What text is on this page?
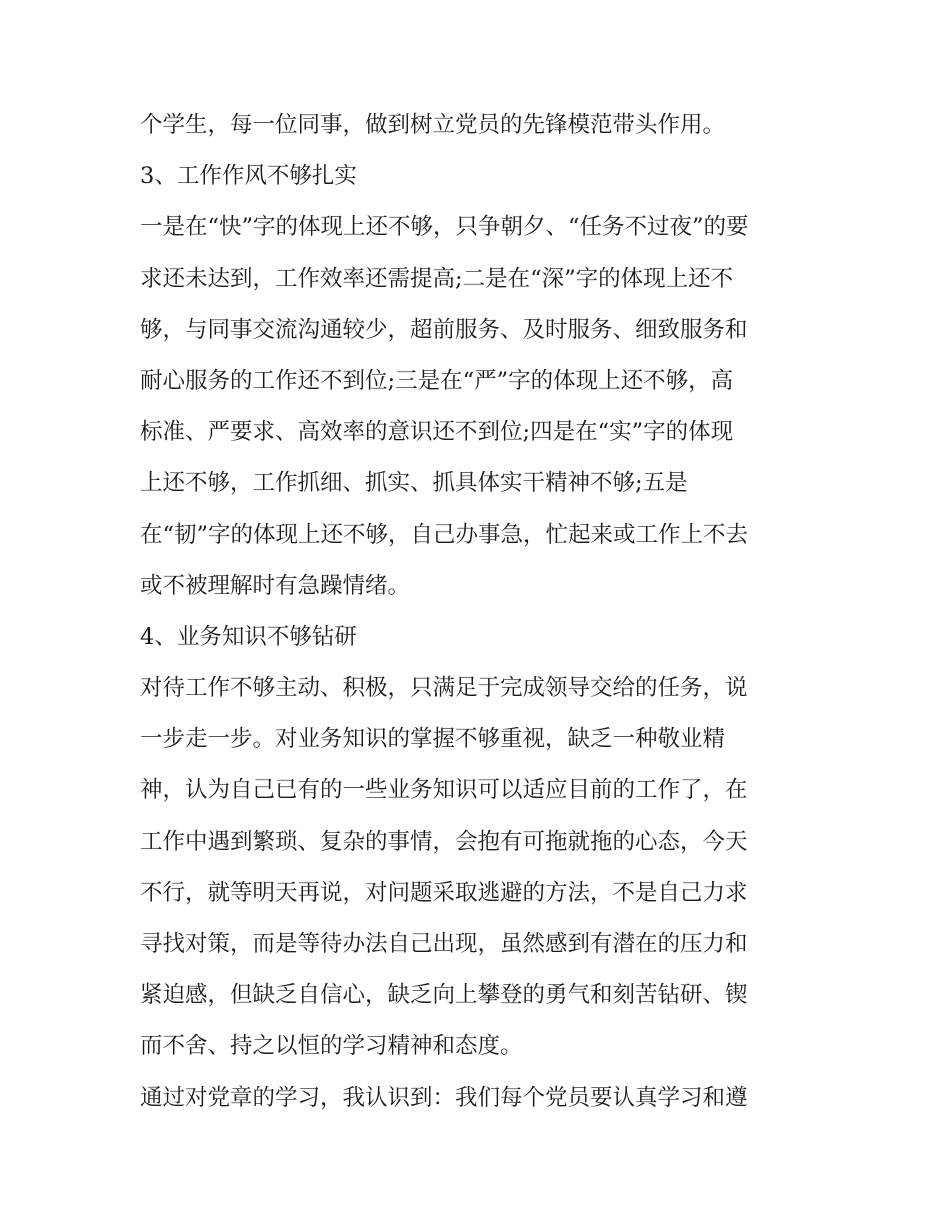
个学生，每一位同事，做到树立党员的先锋模范带头作用。
3、工作作风不够扎实
一是在“快”字的体现上还不够，只争朝夕、“任务不过夜”的要
求还未达到，工作效率还需提高;二是在“深”字的体现上还不
够，与同事交流沟通较少，超前服务、及时服务、细致服务和
耐心服务的工作还不到位;三是在“严”字的体现上还不够，高
标准、严要求、高效率的意识还不到位;四是在“实”字的体现
上还不够，工作抓细、抓实、抓具体实干精神不够;五是
在“韧”字的体现上还不够，自己办事急，忙起来或工作上不去
或不被理解时有急躁情绪。
4、业务知识不够钻研
对待工作不够主动、积极，只满足于完成领导交给的任务，说
一步走一步。对业务知识的掌握不够重视，缺乏一种敬业精
神，认为自己已有的一些业务知识可以适应目前的工作了，在
工作中遇到繁琐、复杂的事情，会抱有可拖就拖的心态，今天
不行，就等明天再说，对问题采取逃避的方法，不是自己力求
寻找对策，而是等待办法自己出现，虽然感到有潜在的压力和
紧迫感，但缺乏自信心，缺乏向上攀登的勇气和刻苦钻研、锲
而不舍、持之以恒的学习精神和态度。
通过对党章的学习，我认识到：我们每个党员要认真学习和遵
